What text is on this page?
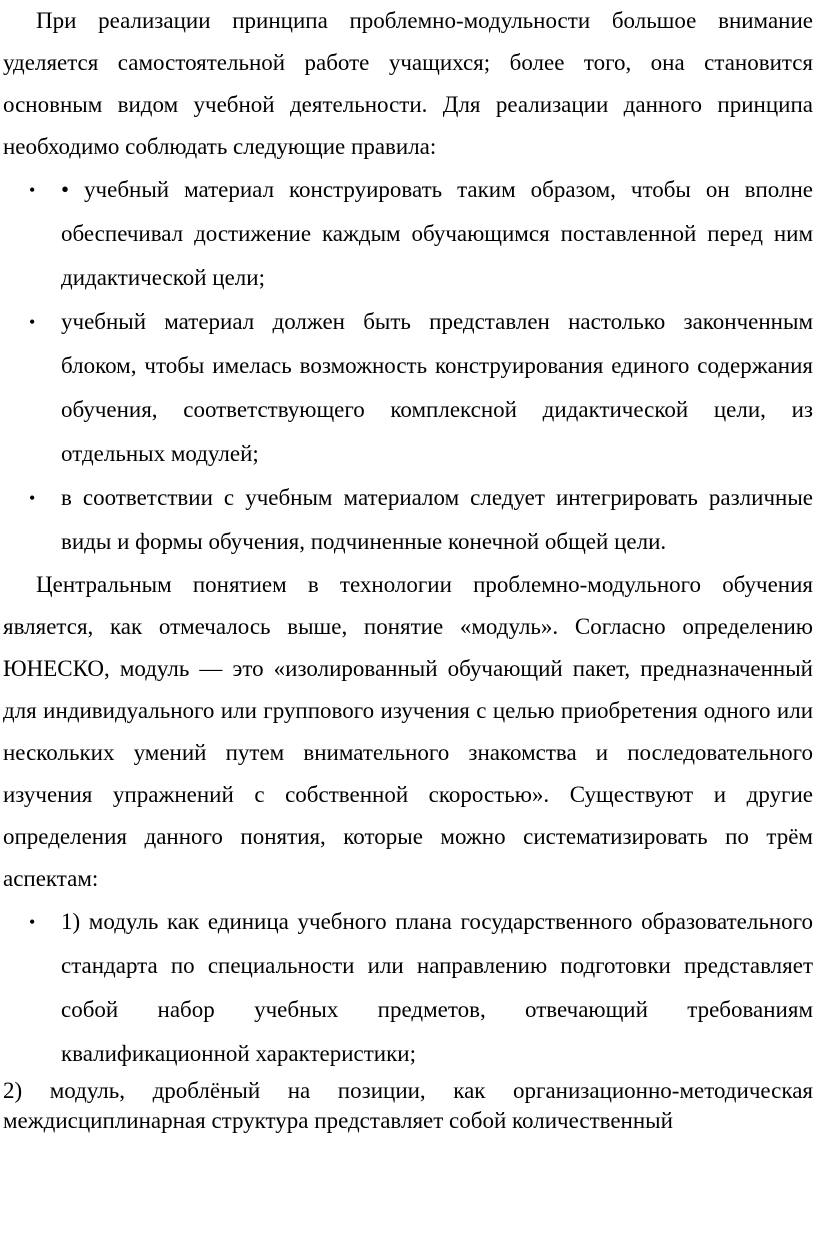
При реализации принципа проблемно-модульности большое внимание уделяется самостоятельной работе учащихся; более того, она становится основным видом учебной деятельности. Для реализации данного принципа необходимо соблюдать следующие правила:

• • учебный материал конструировать таким образом, чтобы он вполне обеспечивал достижение каждым обучающимся поставленной перед ним дидактической цели;
• учебный материал должен быть представлен настолько законченным блоком, чтобы имелась возможность конструирования единого содержания обучения, соответствующего комплексной дидактической цели, из отдельных модулей;
• в соответствии с учебным материалом следует интегрировать различные виды и формы обучения, подчиненные конечной общей цели.

Центральным понятием в технологии проблемно-модульного обучения является, как отмечалось выше, понятие «модуль». Согласно определению ЮНЕСКО, модуль — это «изолированный обучающий пакет, предназначенный для индивидуального или группового изучения с целью приобретения одного или нескольких умений путем внимательного знакомства и последовательного изучения упражнений с собственной скоростью». Существуют и другие определения данного понятия, которые можно систематизировать по трём аспектам:

• 1) модуль как единица учебного плана государственного образовательного стандарта по специальности или направлению подготовки представляет собой набор учебных предметов, отвечающий требованиям квалификационной характеристики;

2) модуль, дроблёный на позиции, как организационно-методическая междисциплинарная структура представляет собой количественный
